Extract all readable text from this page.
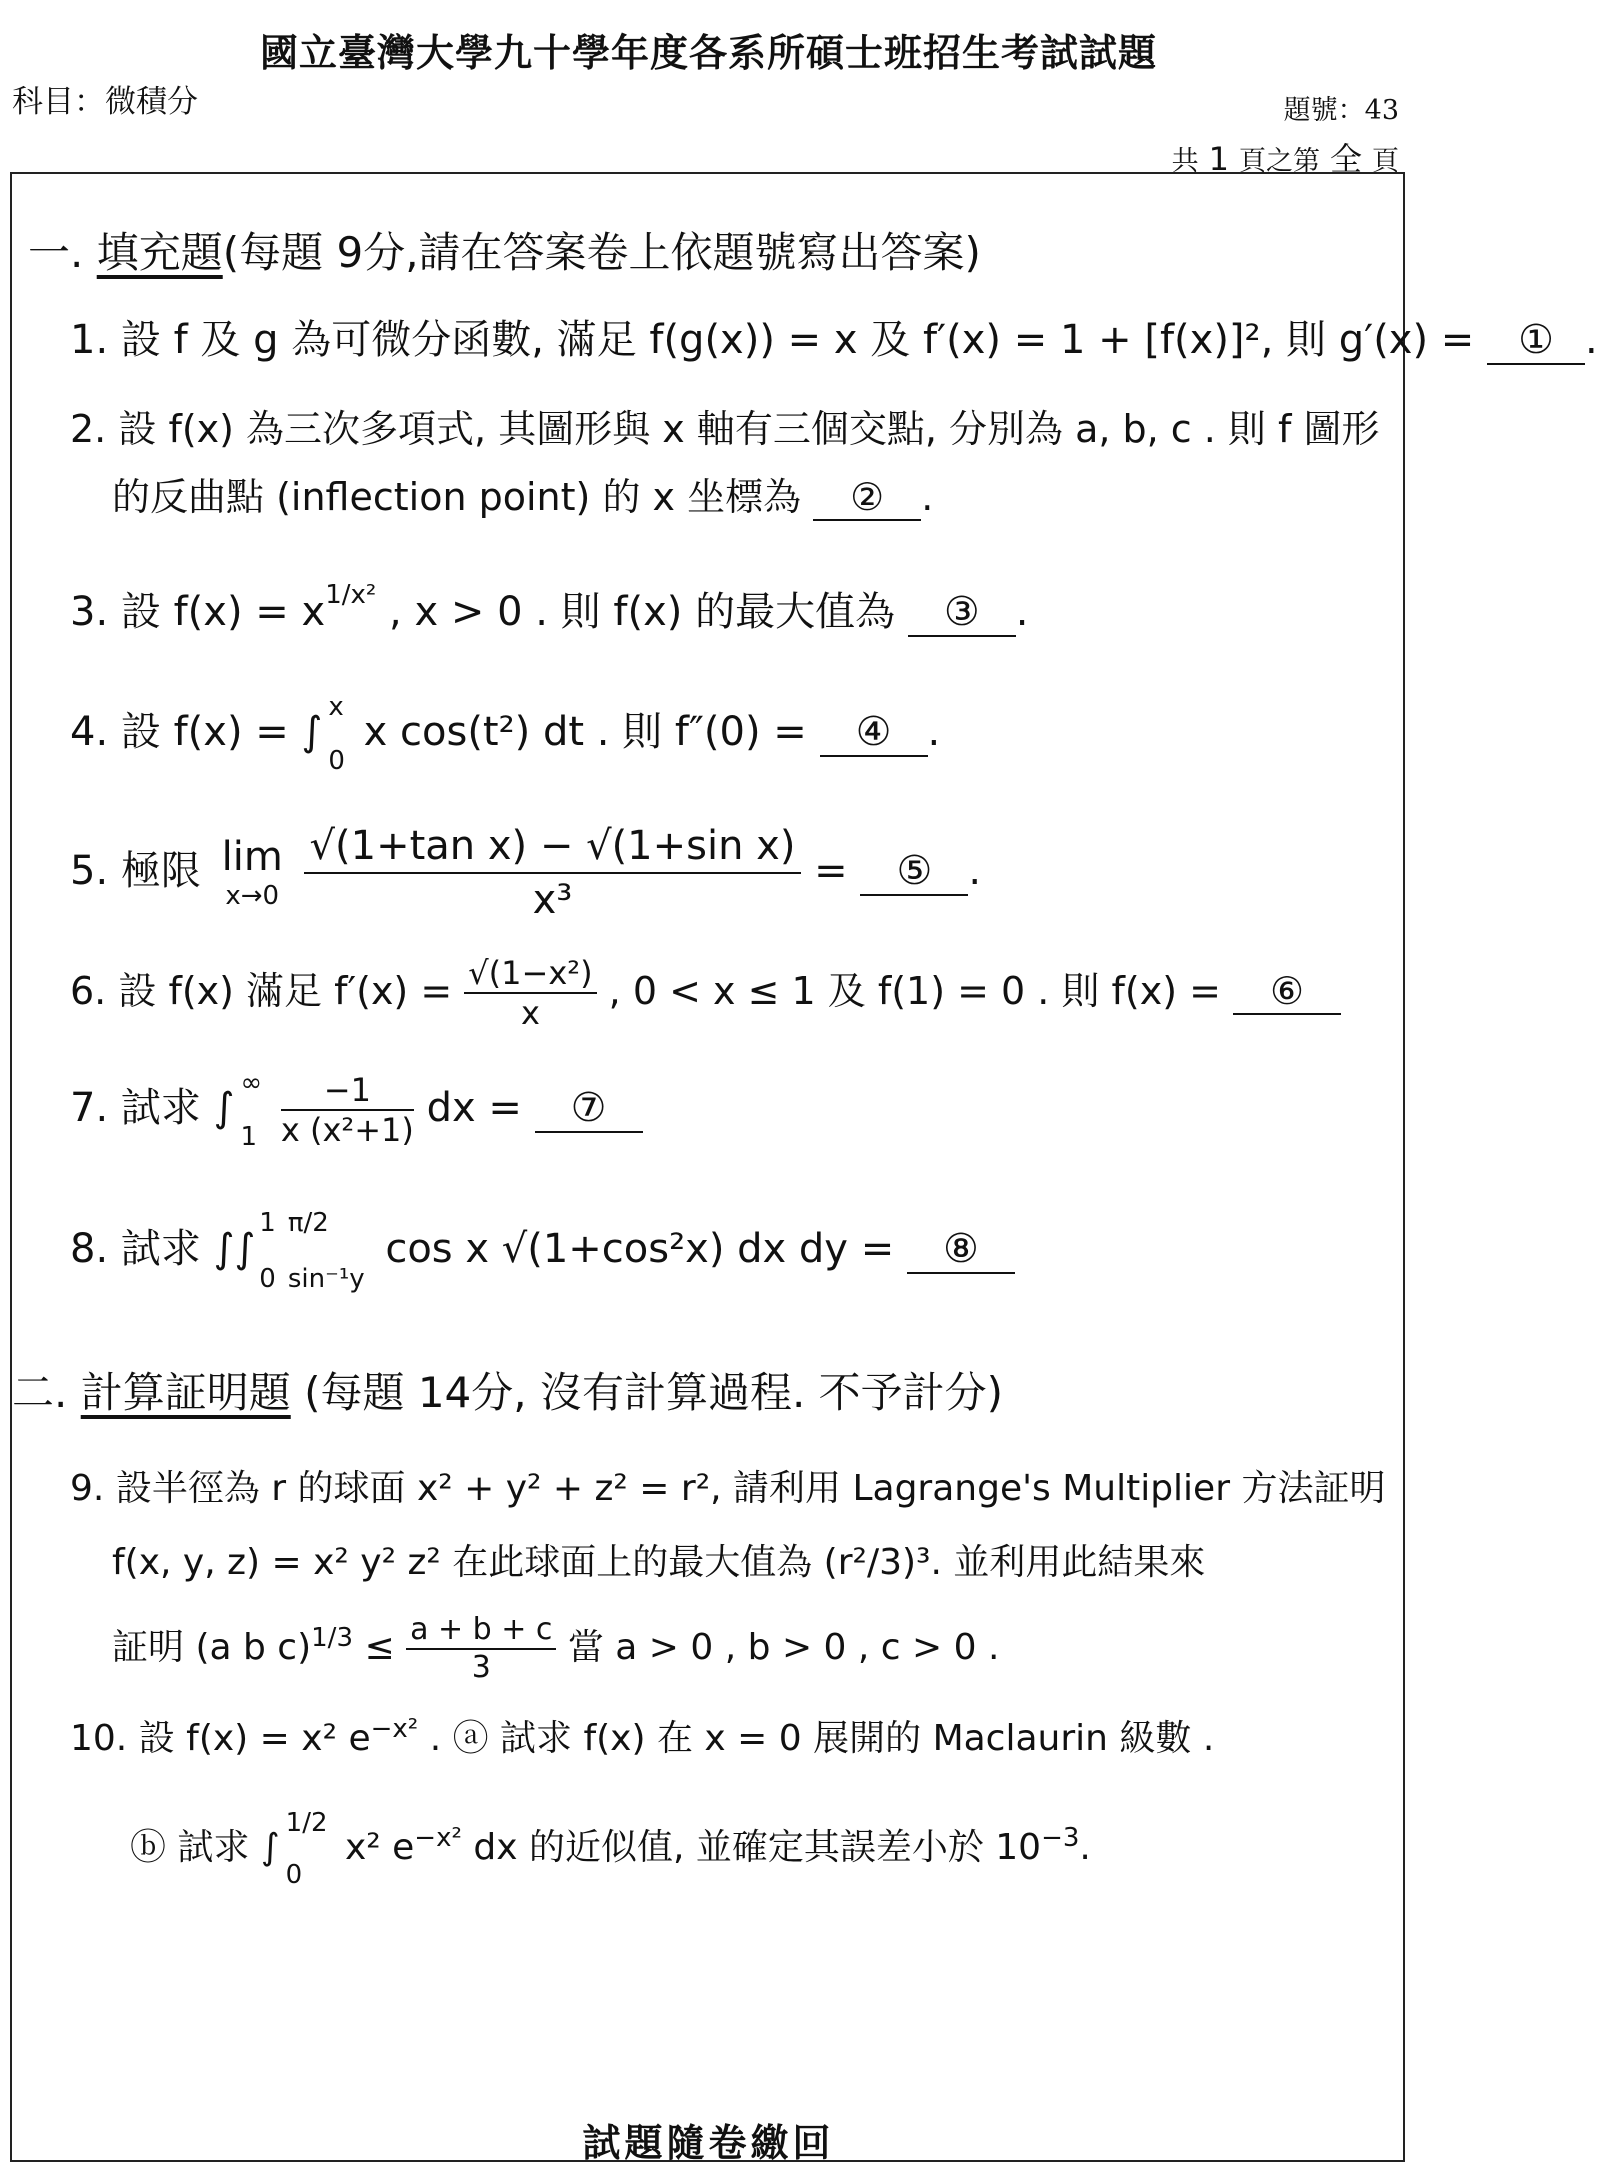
國立臺灣大學九十學年度各系所碩士班招生考試試題
科目：微積分	題號：43
共 1 頁之第 全 頁
一. 填充題(每題 9分,請在答案卷上依題號寫出答案)
1. 設 f 及 g 為可微分函數, 滿足 f(g(x)) = x 及 f′(x) = 1 + [f(x)]², 則 g′(x) = ① .
2. 設 f(x) 為三次多項式, 其圖形與 x 軸有三個交點, 分別為 a, b, c . 則 f 圖形
的反曲點 (inflection point) 的 x 坐標為 ② .
3. 設 $f(x) = x^{1/x^2}$ , x > 0 . 則 f(x) 的最大值為 ③ .
4. 設 f(x) = ∫
x
0
x cos(t²) dt . 則 f″(0) = ④ .
5. 極限 lim
x→0
$\frac{\text{√(1+tan x) − √(1+sin x)}}{\text{x³}}$ = ⑤ .
6. 設 f(x) 滿足 $f'(x) = \frac{\text{√(1−x²)}}{x}$ , 0 < x ≤ 1 及 f(1) = 0 . 則 f(x) = ⑥
7. 試求 ∫
∞
1
$\frac{-1}{\text{x (x²+1)}}$ dx = ⑦
8. 試求 ∫∫
1
0
π/2
sin⁻¹y
cos x √(1+cos²x) dx dy = ⑧
二. 計算証明題 (每題 14分, 沒有計算過程. 不予計分)
9. 設半徑為 r 的球面 x² + y² + z² = r², 請利用 Lagrange's Multiplier 方法証明
f(x, y, z) = x² y² z² 在此球面上的最大值為 (r²/3)³. 並利用此結果來
証明 (a b $c)^{1/3} \le \frac{a + b + c}{3}$ 當 a > 0 , b > 0 , c > 0 .
10. 設 f(x) = x² $e^{-x^2}$ . ⓐ 試求 f(x) 在 x = 0 展開的 Maclaurin 級數 .
ⓑ 試求 ∫
1/2
0
x² $e^{-x^2}$ dx 的近似值, 並確定其誤差小於 $10^{-3}$.
試題隨卷繳回
